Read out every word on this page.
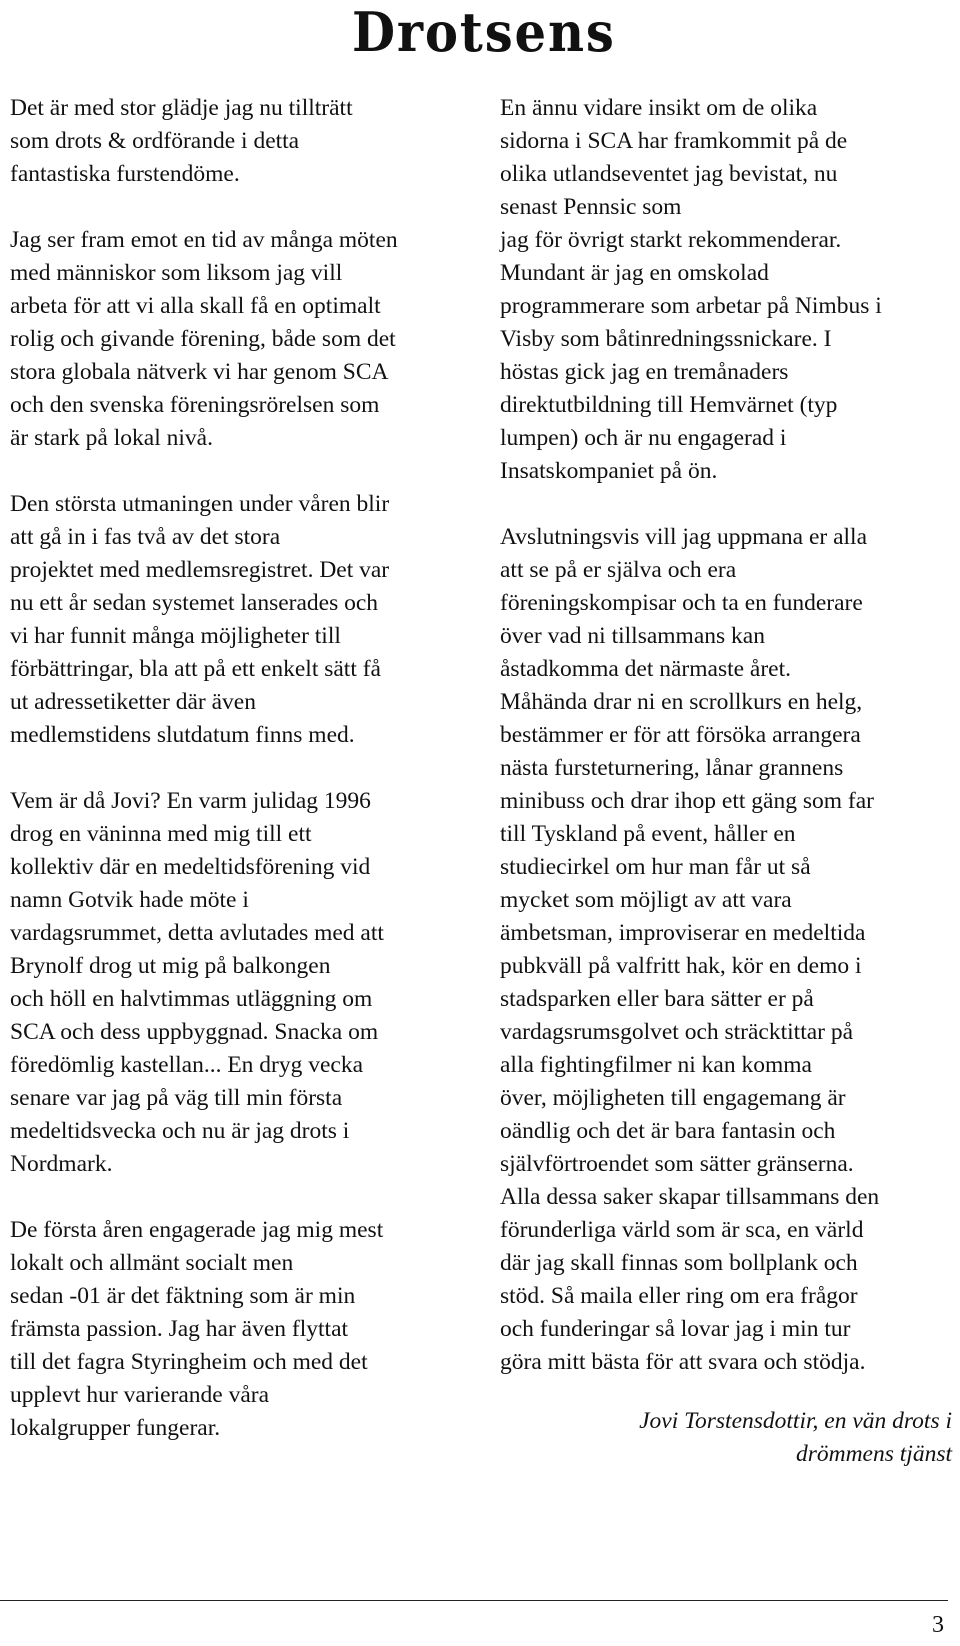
Drotsens

Det är med stor glädje jag nu tillträtt
som drots & ordförande i detta
fantastiska furstendöme.

Jag ser fram emot en tid av många möten
med människor som liksom jag vill
arbeta för att vi alla skall få en optimalt
rolig och givande förening, både som det
stora globala nätverk vi har genom SCA
och den svenska föreningsrörelsen som
är stark på lokal nivå.

Den största utmaningen under våren blir
att gå in i fas två av det stora
projektet med medlemsregistret. Det var
nu ett år sedan systemet lanserades och
vi har funnit många möjligheter till
förbättringar, bla att på ett enkelt sätt få
ut adressetiketter där även
medlemstidens slutdatum finns med.

Vem är då Jovi? En varm julidag 1996
drog en väninna med mig till ett
kollektiv där en medeltidsförening vid
namn Gotvik hade möte i
vardagsrummet, detta avlutades med att
Brynolf drog ut mig på balkongen
och höll en halvtimmas utläggning om
SCA och dess uppbyggnad. Snacka om
föredömlig kastellan... En dryg vecka
senare var jag på väg till min första
medeltidsvecka och nu är jag drots i
Nordmark.

De första åren engagerade jag mig mest
lokalt och allmänt socialt men
sedan -01 är det fäktning som är min
främsta passion. Jag har även flyttat
till det fagra Styringheim och med det
upplevt hur varierande våra
lokalgrupper fungerar.

En ännu vidare insikt om de olika
sidorna i SCA har framkommit på de
olika utlandseventet jag bevistat, nu
senast Pennsic som
jag för övrigt starkt rekommenderar.
Mundant är jag en omskolad
programmerare som arbetar på Nimbus i
Visby som båtinredningssnickare. I
höstas gick jag en tremånaders
direktutbildning till Hemvärnet (typ
lumpen) och är nu engagerad i
Insatskompaniet på ön.

Avslutningsvis vill jag uppmana er alla
att se på er själva och era
föreningskompisar och ta en funderare
över vad ni tillsammans kan
åstadkomma det närmaste året.
Måhända drar ni en scrollkurs en helg,
bestämmer er för att försöka arrangera
nästa fursteturnering, lånar grannens
minibuss och drar ihop ett gäng som far
till Tyskland på event, håller en
studiecirkel om hur man får ut så
mycket som möjligt av att vara
ämbetsman, improviserar en medeltida
pubkväll på valfritt hak, kör en demo i
stadsparken eller bara sätter er på
vardagsrumsgolvet och sträcktittar på
alla fightingfilmer ni kan komma
över, möjligheten till engagemang är
oändlig och det är bara fantasin och
självförtroendet som sätter gränserna.
Alla dessa saker skapar tillsammans den
förunderliga värld som är sca, en värld
där jag skall finnas som bollplank och
stöd. Så maila eller ring om era frågor
och funderingar så lovar jag i min tur
göra mitt bästa för att svara och stödja.

Jovi Torstensdottir, en vän drots i
drömmens tjänst

3
